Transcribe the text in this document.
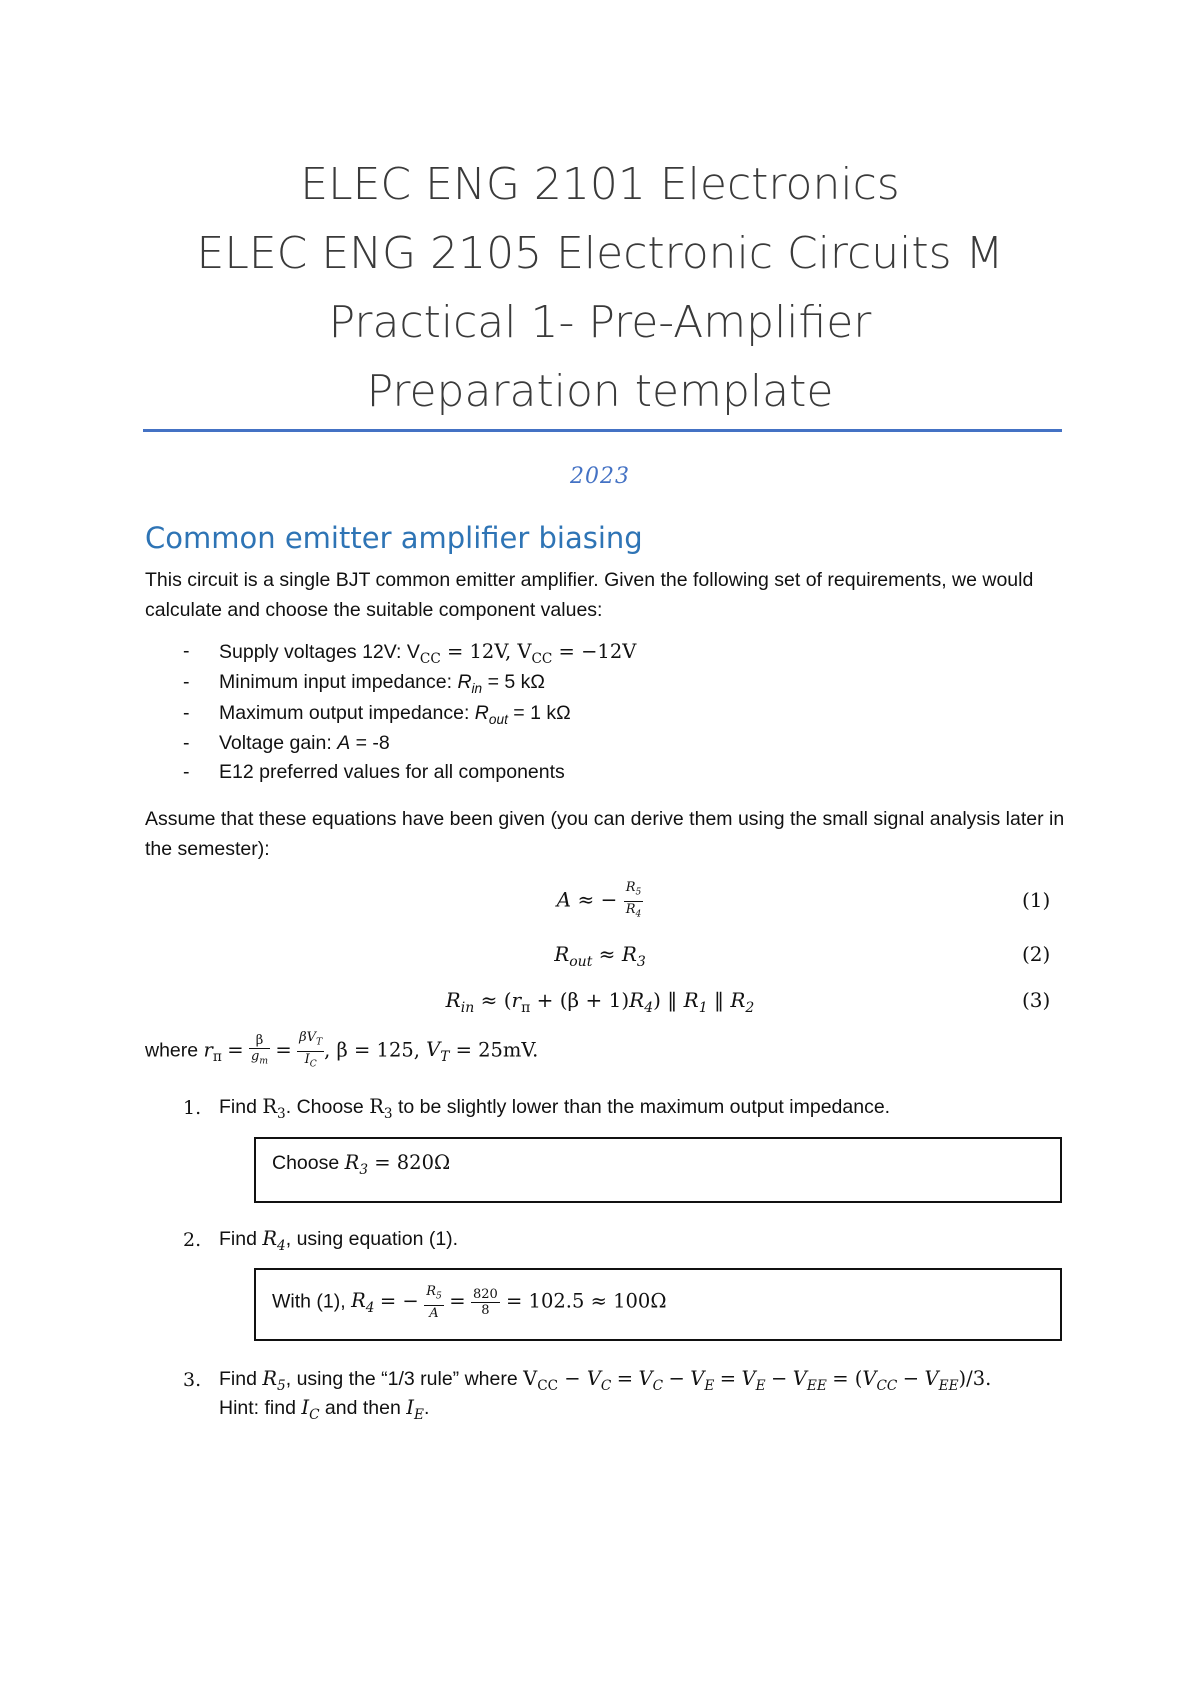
ELEC ENG 2101 Electronics
ELEC ENG 2105 Electronic Circuits M
Practical 1- Pre-Amplifier
Preparation template
2023
Common emitter amplifier biasing
This circuit is a single BJT common emitter amplifier. Given the following set of requirements, we would calculate and choose the suitable component values:
- Supply voltages 12V: $V_{CC} = 12V$, $V_{CC} = -12V$
- Minimum input impedance: $R_{in} = 5$ kΩ
- Maximum output impedance: $R_{out} = 1$ kΩ
- Voltage gain: A = -8
- E12 preferred values for all components
Assume that these equations have been given (you can derive them using the small signal analysis later in the semester):
A ≈ − $\frac{R_5}{R_4}$	(1)
$R_{out} \approx R_3$	(2)
$R_{in} \approx (r_\pi + (\beta + 1)R_4)$ ‖ $R_1$ ‖ $R_2$	(3)
where $r_\pi = \frac{\beta}{g_m} = \frac{\beta V_T}{I_C}$ , β = 125, $V_T = 25mV$.
1. Find $R_3$. Choose $R_3$ to be slightly lower than the maximum output impedance.
Choose $R_3 = 820\Omega$
2. Find $R_4$, using equation (1).
With (1), $R_4$ = − $\frac{R_5}{A} = \frac{820}{8} = 102.5 \approx 100\Omega$
3. Find $R_5$, using the “1/3 rule” where $V_{CC} - V_C = V_C - V_E = V_E - V_{EE} = (V_{CC} - V_{EE})/3$.
Hint: find $I_C$ and then $I_E$.
